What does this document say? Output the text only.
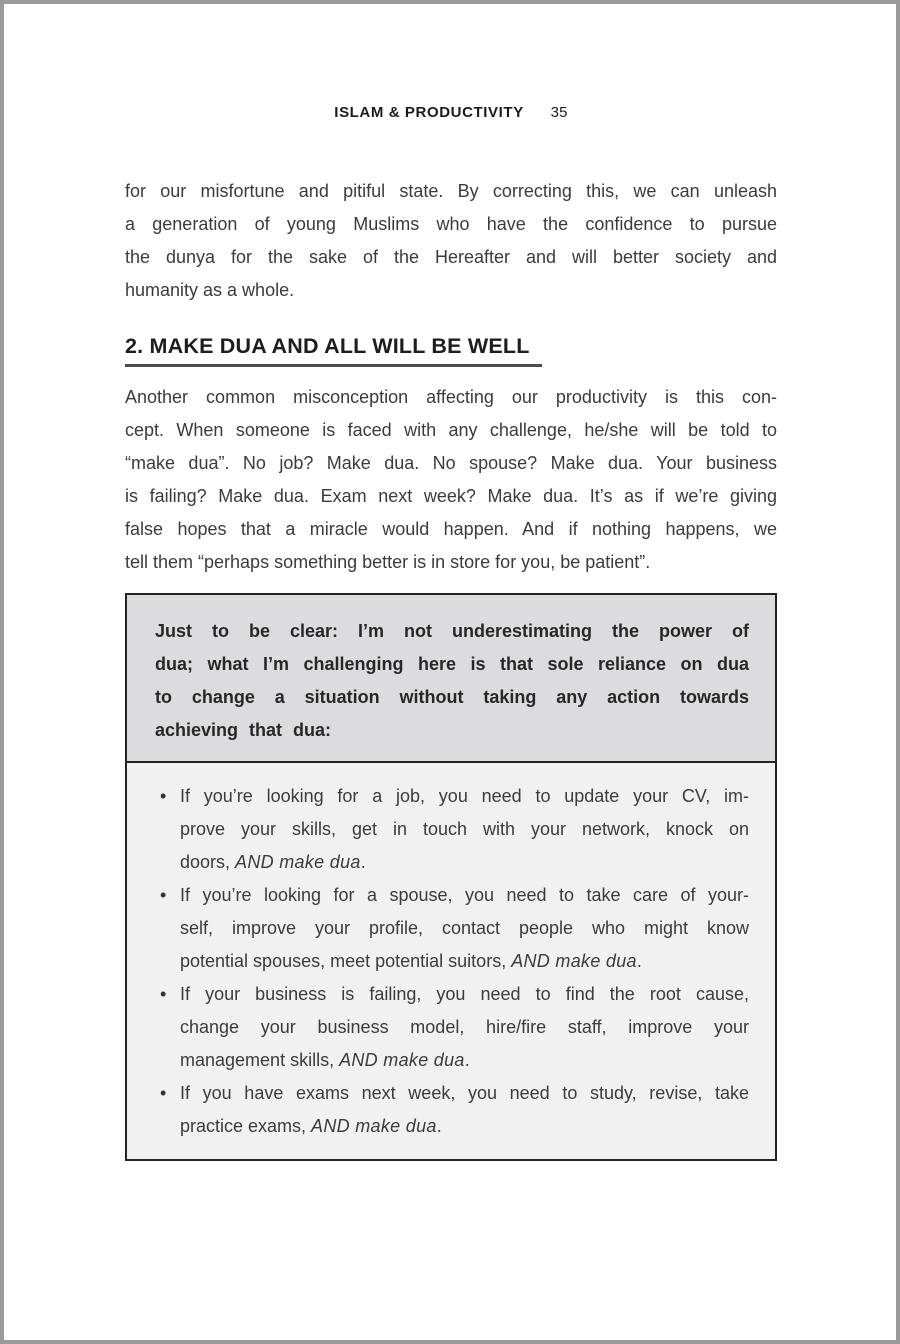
ISLAM & PRODUCTIVITY 35
for our misfortune and pitiful state. By correcting this, we can unleash
a generation of young Muslims who have the confidence to pursue
the dunya for the sake of the Hereafter and will better society and
humanity as a whole.
2. MAKE DUA AND ALL WILL BE WELL
Another common misconception affecting our productivity is this con-
cept. When someone is faced with any challenge, he/she will be told to
“make dua”. No job? Make dua. No spouse? Make dua. Your business
is failing? Make dua. Exam next week? Make dua. It’s as if we’re giving
false hopes that a miracle would happen. And if nothing happens, we
tell them “perhaps something better is in store for you, be patient”.
Just to be clear: I’m not underestimating the power of
dua; what I’m challenging here is that sole reliance on dua
to change a situation without taking any action towards
achieving that dua:
• If you’re looking for a job, you need to update your CV, im-
prove your skills, get in touch with your network, knock on
doors, AND make dua.
• If you’re looking for a spouse, you need to take care of your-
self, improve your profile, contact people who might know
potential spouses, meet potential suitors, AND make dua.
• If your business is failing, you need to find the root cause,
change your business model, hire/fire staff, improve your
management skills, AND make dua.
• If you have exams next week, you need to study, revise, take
practice exams, AND make dua.
